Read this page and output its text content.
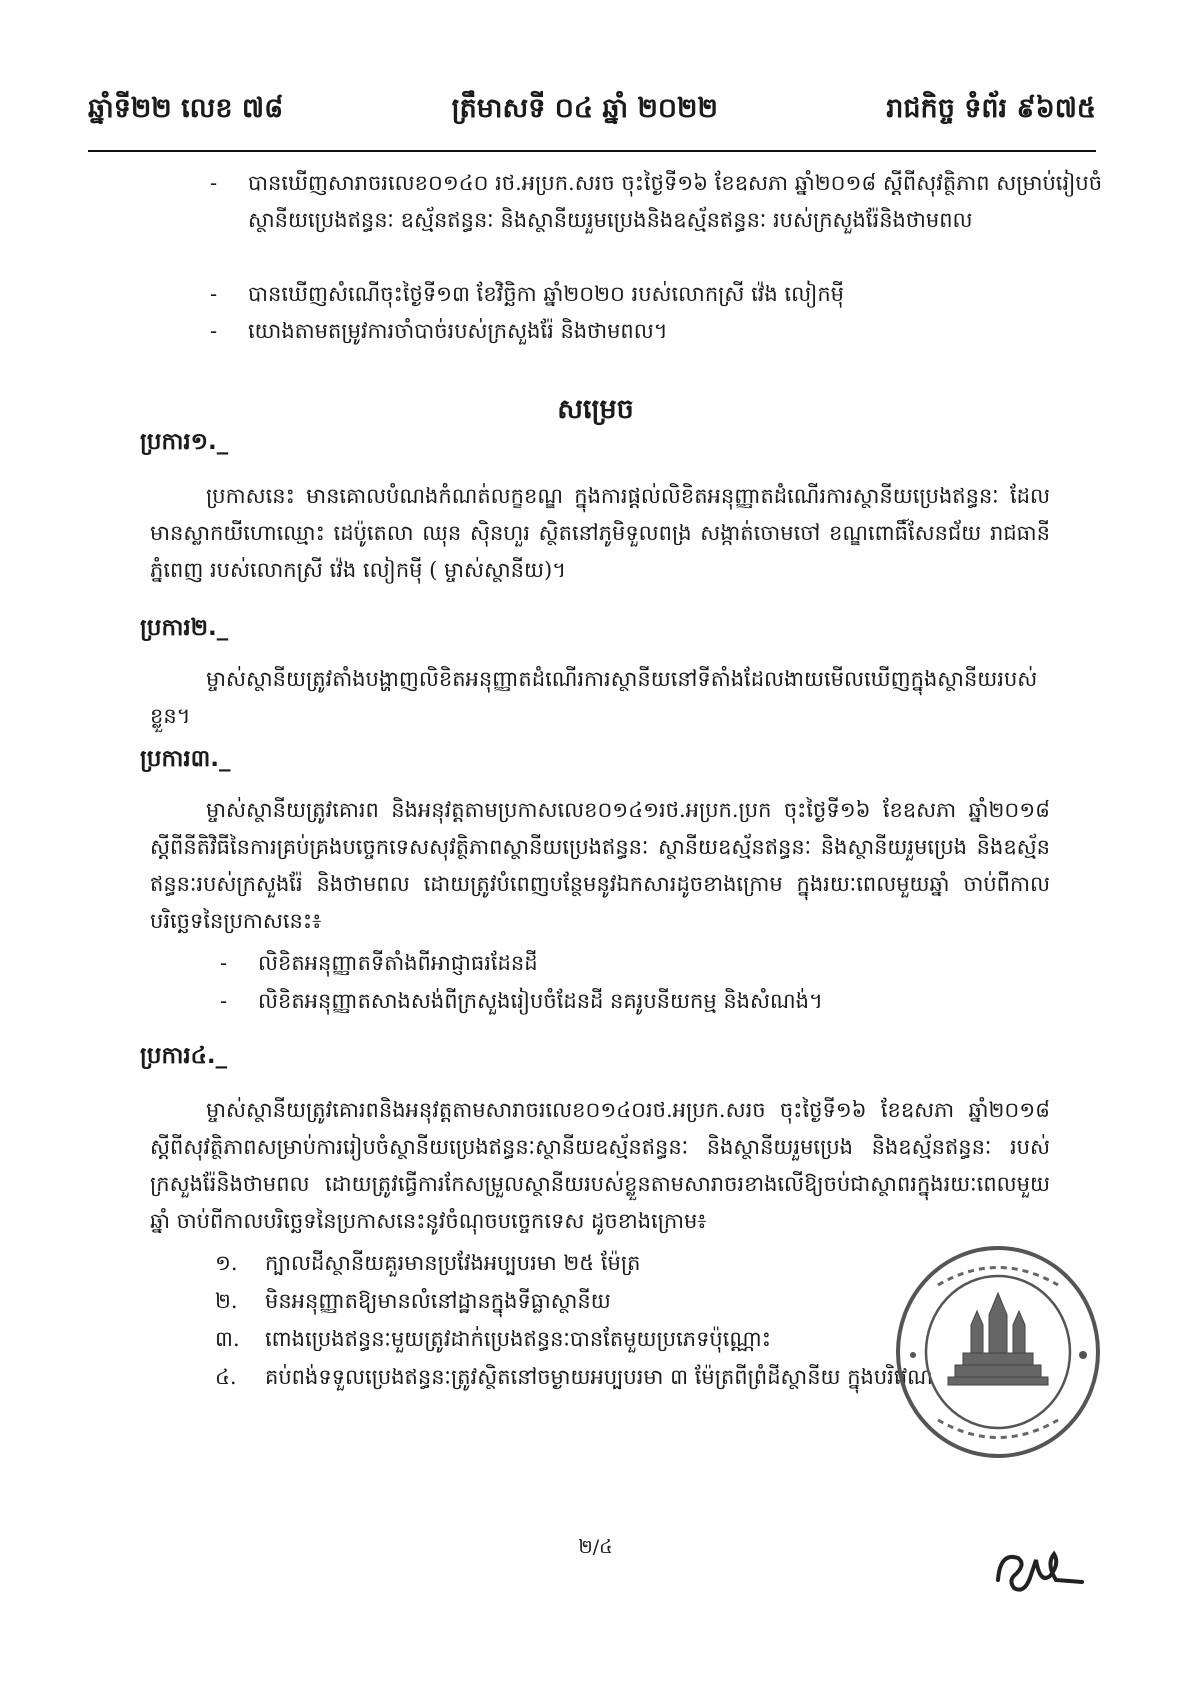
ឆ្នាំទី២២ លេខ ៧៨	ត្រឹមាសទី ០៤ ឆ្នាំ ២០២២	រាជកិច្ច ទំព័រ ៩៦៧៥
- បានឃើញសារាចរលេខ០១៤០ រថ.អប្រក.សរច ចុះថ្ងៃទី១៦ ខែឧសភា ឆ្នាំ២០១៨ ស្ដីពីសុវត្ថិភាព សម្រាប់រៀបចំស្ថានីយប្រេងឥន្ធនៈ ឧស្ម័នឥន្ធនៈ និងស្ថានីយរួមប្រេងនិងឧស្ម័នឥន្ធនៈ របស់ក្រសួងរ៉ែនិងថាមពល
- បានឃើញសំណើចុះថ្ងៃទី១៣ ខែវិច្ឆិកា ឆ្នាំ២០២០ របស់លោកស្រី វ៉េង លៀកម៉ី
- យោងតាមតម្រូវការចាំបាច់របស់ក្រសួងរ៉ែ និងថាមពល។
សម្រេច
ប្រការ១._
ប្រកាសនេះ មានគោលបំណងកំណត់លក្ខខណ្ឌ ក្នុងការផ្តល់លិខិតអនុញ្ញាតដំណើរការស្ថានីយប្រេងឥន្ធនៈ ដែលមានស្លាកយីហោឈ្មោះ ដេប៉ូតេលា ឈុន ស៊ិនហួរ ស្ថិតនៅភូមិទួលពង្រ សង្កាត់ចោមចៅ ខណ្ឌពោធិ៍សែនជ័យ រាជធានីភ្នំពេញ របស់លោកស្រី វ៉េង លៀកម៉ី ( ម្ចាស់ស្ថានីយ)។
ប្រការ២._
ម្ចាស់ស្ថានីយត្រូវតាំងបង្ហាញលិខិតអនុញ្ញាតដំណើរការស្ថានីយនៅទីតាំងដែលងាយមើលឃើញក្នុងស្ថានីយរបស់ខ្លួន។
ប្រការ៣._
ម្ចាស់ស្ថានីយត្រូវគោរព និងអនុវត្តតាមប្រកាសលេខ០១៤១រថ.អប្រក.ប្រក ចុះថ្ងៃទី១៦ ខែឧសភា ឆ្នាំ២០១៨ ស្ដីពីនីតិវិធីនៃការគ្រប់គ្រងបច្ចេកទេសសុវត្ថិភាពស្ថានីយប្រេងឥន្ធនៈ ស្ថានីយឧស្ម័នឥន្ធនៈ និងស្ថានីយរួមប្រេង និងឧស្ម័នឥន្ធនៈរបស់ក្រសួងរ៉ែ និងថាមពល ដោយត្រូវបំពេញបន្ថែមនូវឯកសារដូចខាងក្រោម ក្នុងរយៈពេលមួយឆ្នាំ ចាប់ពីកាលបរិច្ឆេទនៃប្រកាសនេះ៖
- លិខិតអនុញ្ញាតទីតាំងពីអាជ្ញាធរដែនដី
- លិខិតអនុញ្ញាតសាងសង់ពីក្រសួងរៀបចំដែនដី នគរូបនីយកម្ម និងសំណង់។
ប្រការ៤._
ម្ចាស់ស្ថានីយត្រូវគោរពនិងអនុវត្តតាមសារាចរលេខ០១៤០រថ.អប្រក.សរច ចុះថ្ងៃទី១៦ ខែឧសភា ឆ្នាំ២០១៨ ស្ដីពីសុវត្ថិភាពសម្រាប់ការរៀបចំស្ថានីយប្រេងឥន្ធនៈស្ថានីយឧស្ម័នឥន្ធនៈ និងស្ថានីយរួមប្រេង និងឧស្ម័នឥន្ធនៈ របស់ក្រសួងរ៉ែនិងថាមពល ដោយត្រូវធ្វើការកែសម្រួលស្ថានីយរបស់ខ្លួនតាមសារាចរខាងលើឱ្យចប់ជាស្ថាពរក្នុងរយៈពេលមួយឆ្នាំ ចាប់ពីកាលបរិច្ឆេទនៃប្រកាសនេះនូវចំណុចបច្ចេកទេស ដូចខាងក្រោម៖
១. ក្បាលដីស្ថានីយគួរមានប្រវែងអប្បបរមា ២៥ ម៉ែត្រ
២. មិនអនុញ្ញាតឱ្យមានលំនៅដ្ឋានក្នុងទីធ្លាស្ថានីយ
៣. ពោងប្រេងឥន្ធនៈមួយត្រូវដាក់ប្រេងឥន្ធនៈបានតែមួយប្រភេទប៉ុណ្ណោះ
៤. គប់ពង់ទទួលប្រេងឥន្ធនៈត្រូវស្ថិតនៅចម្ងាយអប្បបរមា ៣ ម៉ែត្រពីព្រំដីស្ថានីយ ក្នុងបរិវេណ
២/៤
